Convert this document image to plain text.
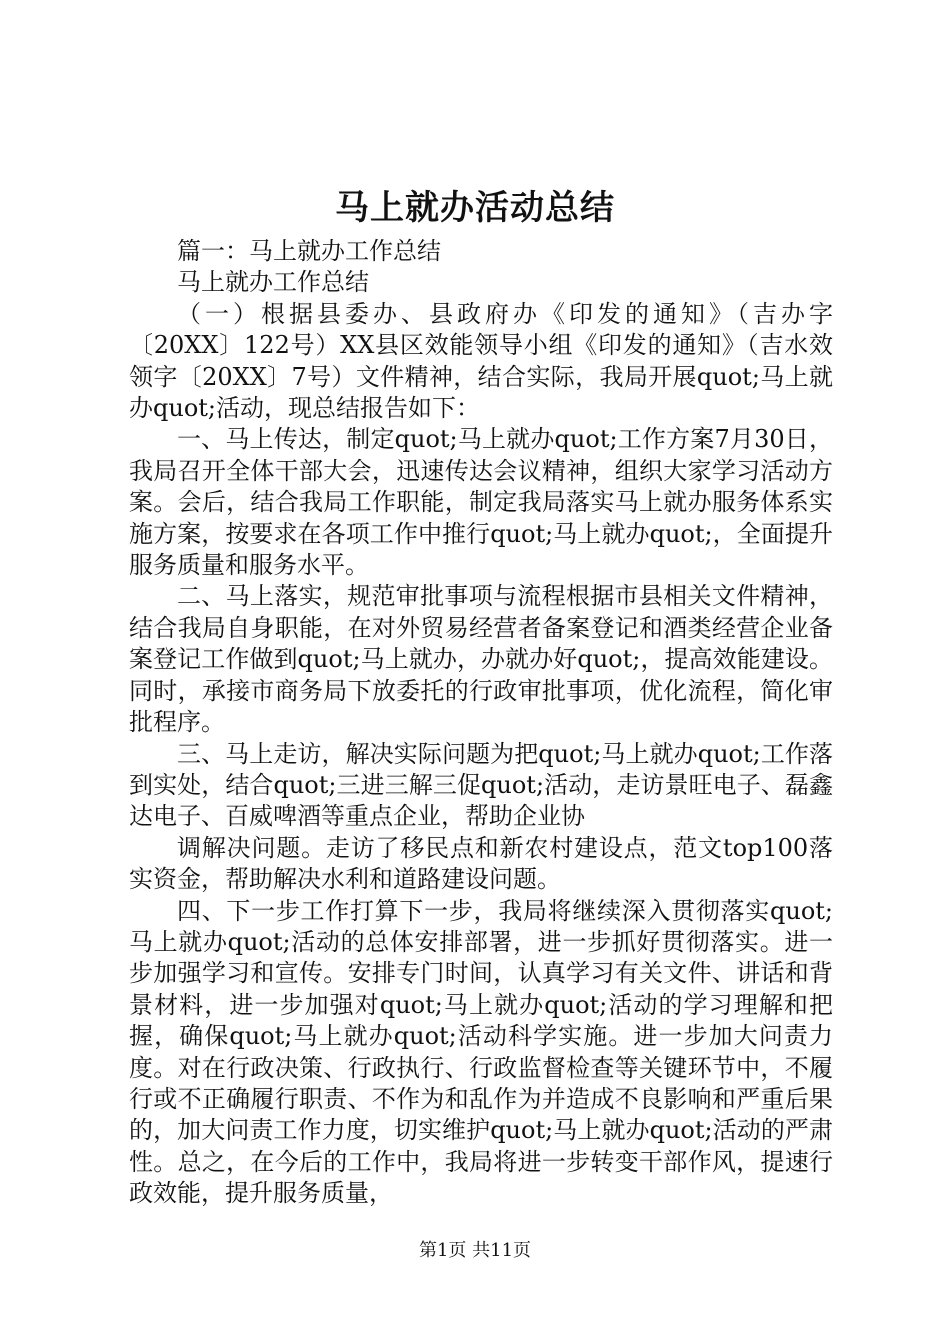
马上就办活动总结

篇一：马上就办工作总结

马上就办工作总结

（一）根据县委办、县政府办《印发的通知》（吉办字〔20XX〕122号）XX县区效能领导小组《印发的通知》（吉水效领字〔20XX〕7号）文件精神，结合实际，我局开展quot;马上就办quot;活动，现总结报告如下：

一、马上传达，制定quot;马上就办quot;工作方案7月30日，我局召开全体干部大会，迅速传达会议精神，组织大家学习活动方案。会后，结合我局工作职能，制定我局落实马上就办服务体系实施方案，按要求在各项工作中推行quot;马上就办quot;，全面提升服务质量和服务水平。

二、马上落实，规范审批事项与流程根据市县相关文件精神，结合我局自身职能，在对外贸易经营者备案登记和酒类经营企业备案登记工作做到quot;马上就办，办就办好quot;，提高效能建设。同时，承接市商务局下放委托的行政审批事项，优化流程，简化审批程序。

三、马上走访，解决实际问题为把quot;马上就办quot;工作落到实处，结合quot;三进三解三促quot;活动，走访景旺电子、磊鑫达电子、百威啤酒等重点企业，帮助企业协

调解决问题。走访了移民点和新农村建设点，范文top100落实资金，帮助解决水利和道路建设问题。

四、下一步工作打算下一步，我局将继续深入贯彻落实quot;马上就办quot;活动的总体安排部署，进一步抓好贯彻落实。进一步加强学习和宣传。安排专门时间，认真学习有关文件、讲话和背景材料，进一步加强对quot;马上就办quot;活动的学习理解和把握，确保quot;马上就办quot;活动科学实施。进一步加大问责力度。对在行政决策、行政执行、行政监督检查等关键环节中，不履行或不正确履行职责、不作为和乱作为并造成不良影响和严重后果的，加大问责工作力度，切实维护quot;马上就办quot;活动的严肃性。总之，在今后的工作中，我局将进一步转变干部作风，提速行政效能，提升服务质量，

第1页 共11页
